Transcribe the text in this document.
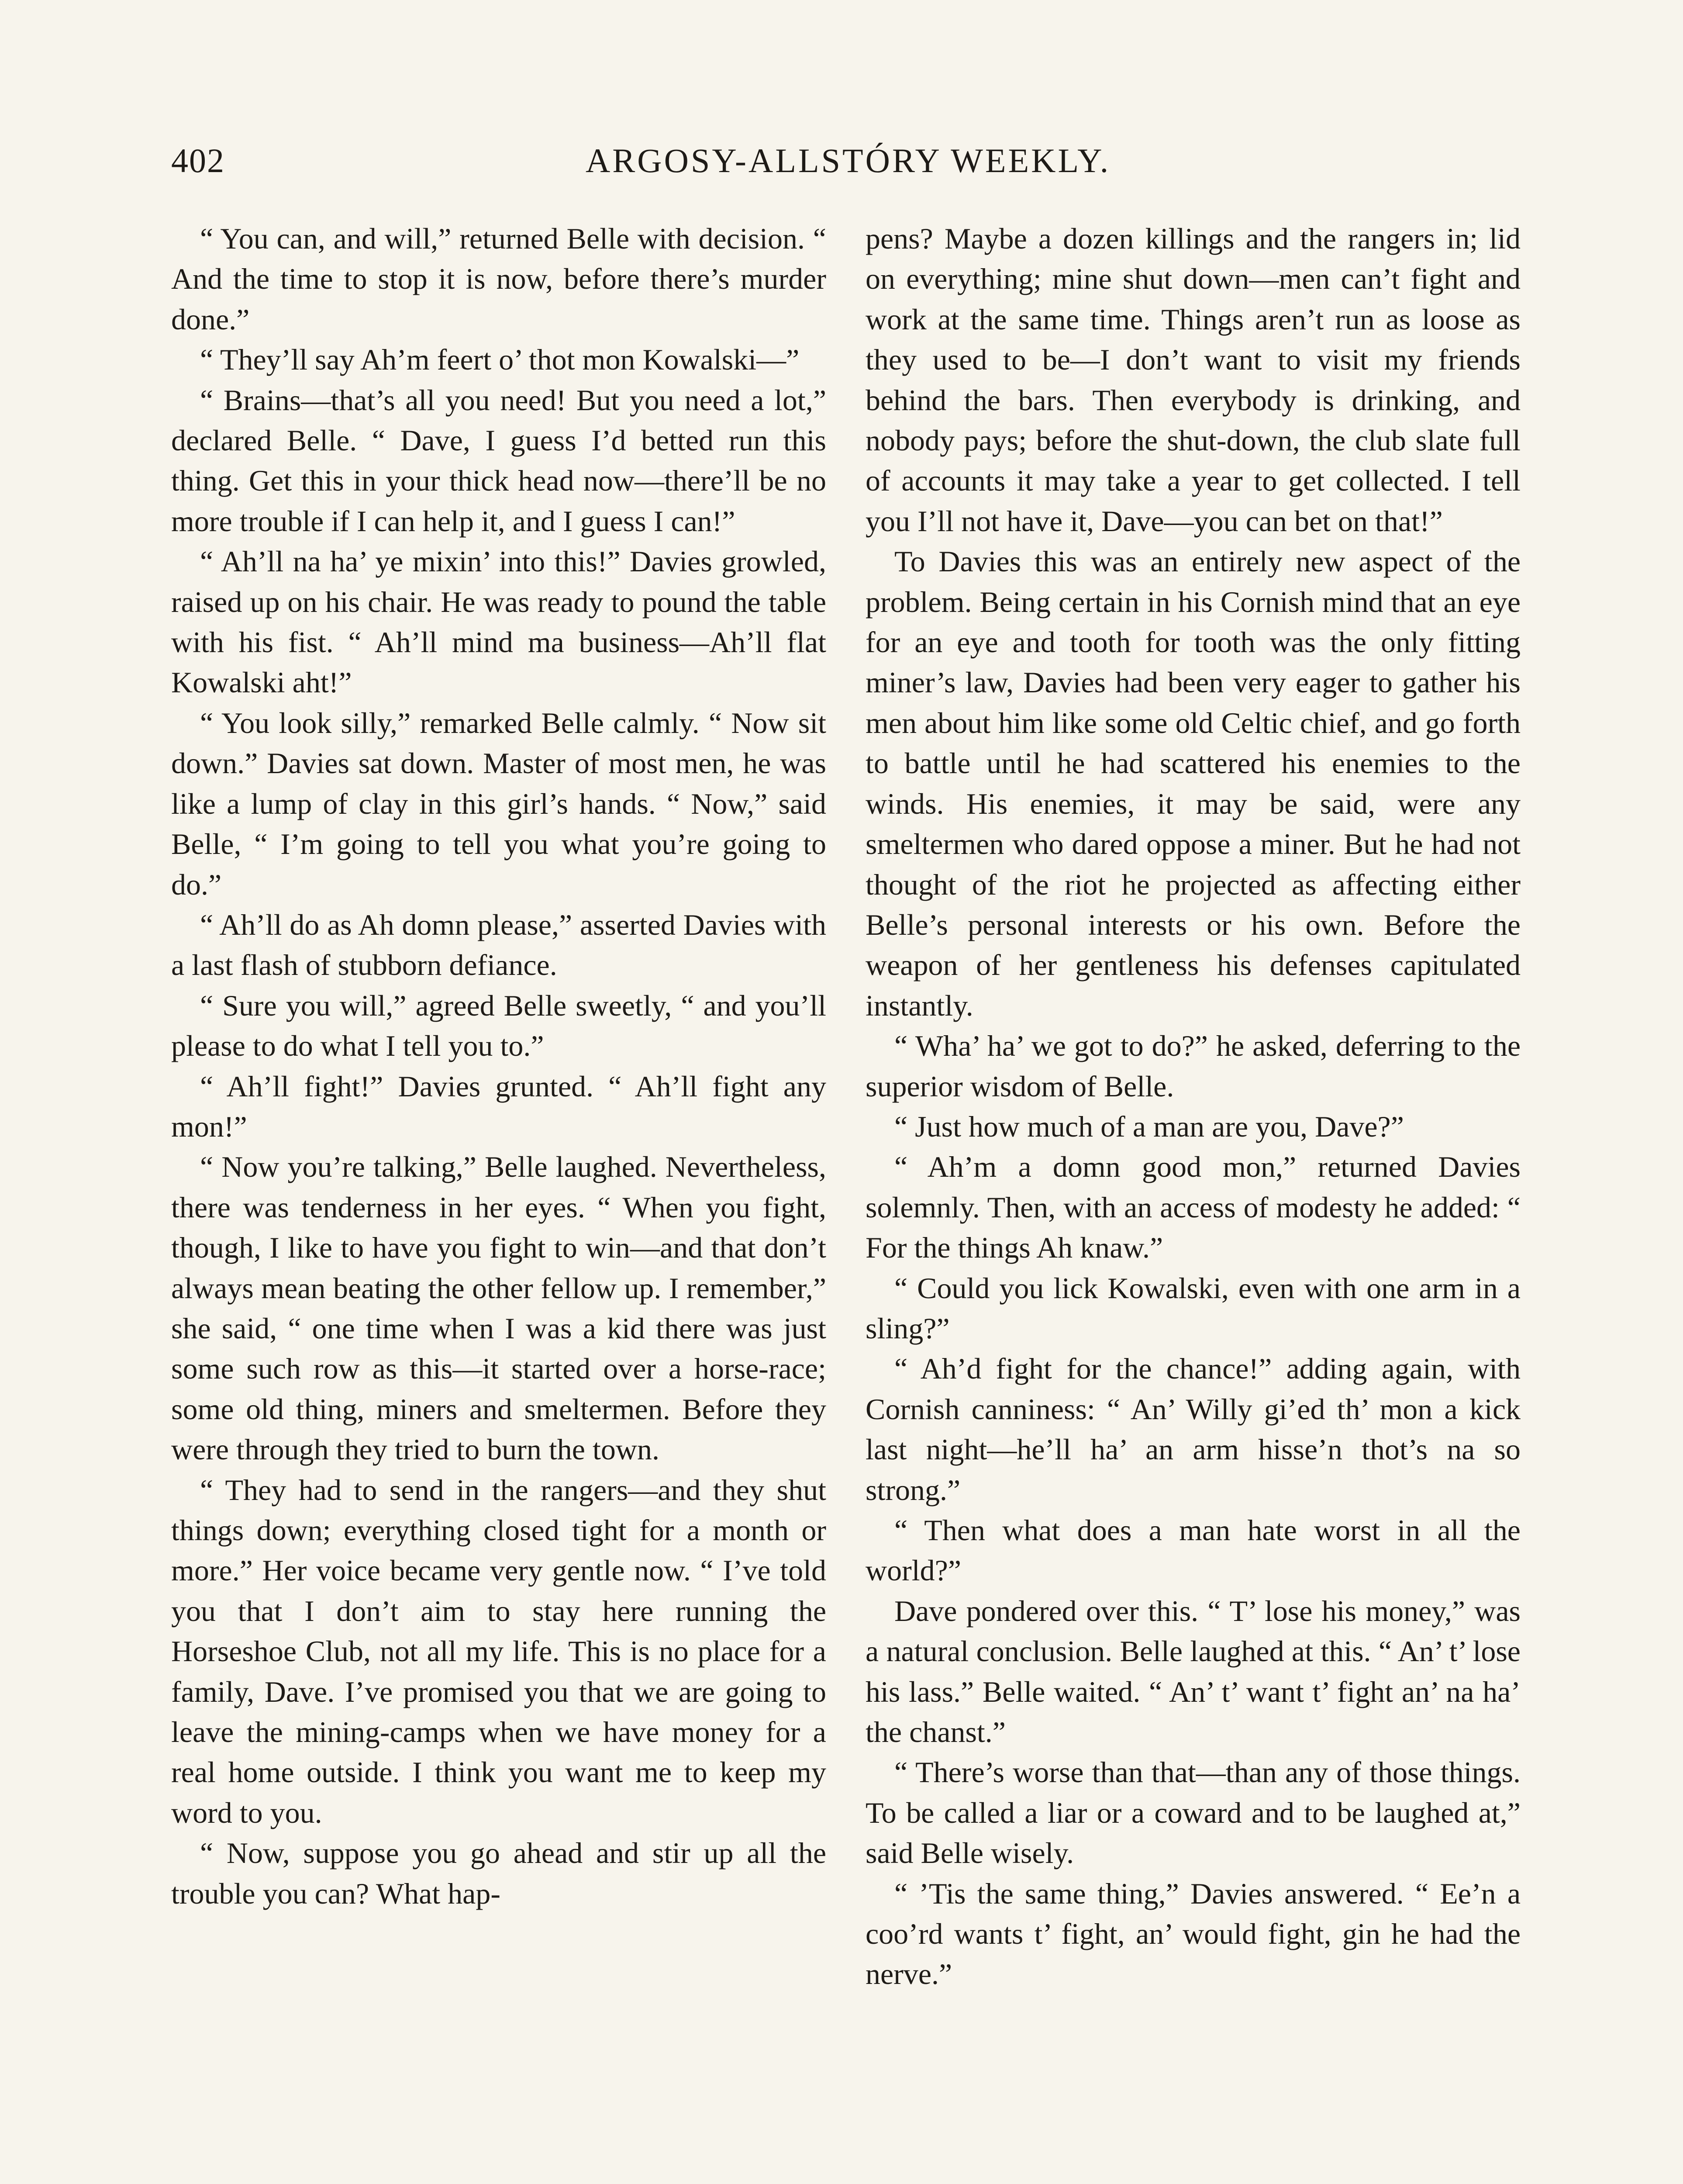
402	ARGOSY-ALLSTÓRY WEEKLY.

“ You can, and will,” returned Belle with decision. “ And the time to stop it is now, before there’s murder done.”

“ They’ll say Ah’m feert o’ thot mon Kowalski—”

“ Brains—that’s all you need! But you need a lot,” declared Belle. “ Dave, I guess I’d betted run this thing. Get this in your thick head now—there’ll be no more trouble if I can help it, and I guess I can!”

“ Ah’ll na ha’ ye mixin’ into this!” Davies growled, raised up on his chair. He was ready to pound the table with his fist. “ Ah’ll mind ma business—Ah’ll flat Kowalski aht!”

“ You look silly,” remarked Belle calmly. “ Now sit down.” Davies sat down. Master of most men, he was like a lump of clay in this girl’s hands. “ Now,” said Belle, “ I’m going to tell you what you’re going to do.”

“ Ah’ll do as Ah domn please,” asserted Davies with a last flash of stubborn defiance.

“ Sure you will,” agreed Belle sweetly, “ and you’ll please to do what I tell you to.”

“ Ah’ll fight!” Davies grunted. “ Ah’ll fight any mon!”

“ Now you’re talking,” Belle laughed. Nevertheless, there was tenderness in her eyes. “ When you fight, though, I like to have you fight to win—and that don’t always mean beating the other fellow up. I remember,” she said, “ one time when I was a kid there was just some such row as this—it started over a horse-race; some old thing, miners and smeltermen. Before they were through they tried to burn the town.

“ They had to send in the rangers—and they shut things down; everything closed tight for a month or more.” Her voice became very gentle now. “ I’ve told you that I don’t aim to stay here running the Horseshoe Club, not all my life. This is no place for a family, Dave. I’ve promised you that we are going to leave the mining-camps when we have money for a real home outside. I think you want me to keep my word to you.

“ Now, suppose you go ahead and stir up all the trouble you can? What hap-

pens? Maybe a dozen killings and the rangers in; lid on everything; mine shut down—men can’t fight and work at the same time. Things aren’t run as loose as they used to be—I don’t want to visit my friends behind the bars. Then everybody is drinking, and nobody pays; before the shut-down, the club slate full of accounts it may take a year to get collected. I tell you I’ll not have it, Dave—you can bet on that!”

To Davies this was an entirely new aspect of the problem. Being certain in his Cornish mind that an eye for an eye and tooth for tooth was the only fitting miner’s law, Davies had been very eager to gather his men about him like some old Celtic chief, and go forth to battle until he had scattered his enemies to the winds. His enemies, it may be said, were any smeltermen who dared oppose a miner. But he had not thought of the riot he projected as affecting either Belle’s personal interests or his own. Before the weapon of her gentleness his defenses capitulated instantly.

“ Wha’ ha’ we got to do?” he asked, deferring to the superior wisdom of Belle.

“ Just how much of a man are you, Dave?”

“ Ah’m a domn good mon,” returned Davies solemnly. Then, with an access of modesty he added: “ For the things Ah knaw.”

“ Could you lick Kowalski, even with one arm in a sling?”

“ Ah’d fight for the chance!” adding again, with Cornish canniness: “ An’ Willy gi’ed th’ mon a kick last night—he’ll ha’ an arm hisse’n thot’s na so strong.”

“ Then what does a man hate worst in all the world?”

Dave pondered over this. “ T’ lose his money,” was a natural conclusion. Belle laughed at this. “ An’ t’ lose his lass.” Belle waited. “ An’ t’ want t’ fight an’ na ha’ the chanst.”

“ There’s worse than that—than any of those things. To be called a liar or a coward and to be laughed at,” said Belle wisely.

“ ’Tis the same thing,” Davies answered. “ Ee’n a coo’rd wants t’ fight, an’ would fight, gin he had the nerve.”
